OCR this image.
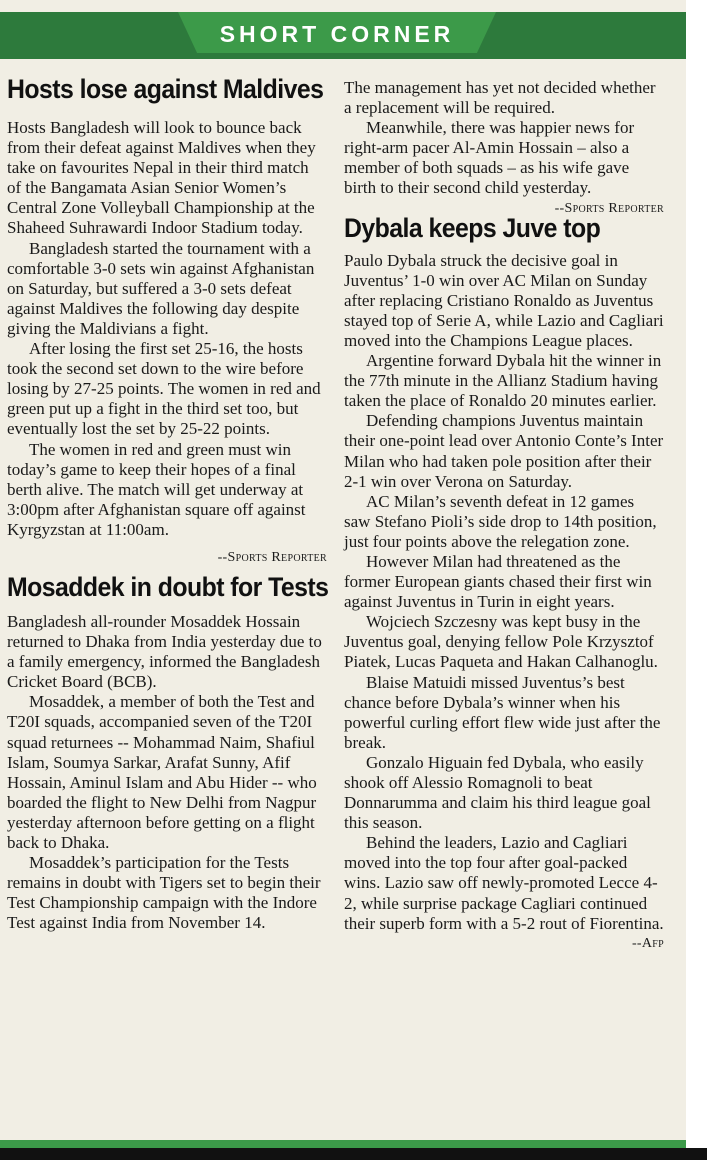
SHORT CORNER
Hosts lose against Maldives

Hosts Bangladesh will look to bounce back from their defeat against Maldives when they take on favourites Nepal in their third match of the Bangamata Asian Senior Women’s Central Zone Volleyball Championship at the Shaheed Suhrawardi Indoor Stadium today.

Bangladesh started the tournament with a comfortable 3-0 sets win against Afghanistan on Saturday, but suffered a 3-0 sets defeat against Maldives the following day despite giving the Maldivians a fight.

After losing the first set 25-16, the hosts took the second set down to the wire before losing by 27-25 points. The women in red and green put up a fight in the third set too, but eventually lost the set by 25-22 points.

The women in red and green must win today’s game to keep their hopes of a final berth alive. The match will get underway at 3:00pm after Afghanistan square off against Kyrgyzstan at 11:00am.

--Sports Reporter

Mosaddek in doubt for Tests

Bangladesh all-rounder Mosaddek Hossain returned to Dhaka from India yesterday due to a family emergency, informed the Bangladesh Cricket Board (BCB).

Mosaddek, a member of both the Test and T20I squads, accompanied seven of the T20I squad returnees -- Mohammad Naim, Shafiul Islam, Soumya Sarkar, Arafat Sunny, Afif Hossain, Aminul Islam and Abu Hider -- who boarded the flight to New Delhi from Nagpur yesterday afternoon before getting on a flight back to Dhaka.

Mosaddek’s participation for the Tests remains in doubt with Tigers set to begin their Test Championship campaign with the Indore Test against India from November 14.

The management has yet not decided whether a replacement will be required.

Meanwhile, there was happier news for right-arm pacer Al-Amin Hossain – also a member of both squads – as his wife gave birth to their second child yesterday.
--Sports Reporter

Dybala keeps Juve top

Paulo Dybala struck the decisive goal in Juventus’ 1-0 win over AC Milan on Sunday after replacing Cristiano Ronaldo as Juventus stayed top of Serie A, while Lazio and Cagliari moved into the Champions League places.

Argentine forward Dybala hit the winner in the 77th minute in the Allianz Stadium having taken the place of Ronaldo 20 minutes earlier.

Defending champions Juventus maintain their one-point lead over Antonio Conte’s Inter Milan who had taken pole position after their 2-1 win over Verona on Saturday.

AC Milan’s seventh defeat in 12 games saw Stefano Pioli’s side drop to 14th position, just four points above the relegation zone.

However Milan had threatened as the former European giants chased their first win against Juventus in Turin in eight years.

Wojciech Szczesny was kept busy in the Juventus goal, denying fellow Pole Krzysztof Piatek, Lucas Paqueta and Hakan Calhanoglu.

Blaise Matuidi missed Juventus’s best chance before Dybala’s winner when his powerful curling effort flew wide just after the break.

Gonzalo Higuain fed Dybala, who easily shook off Alessio Romagnoli to beat Donnarumma and claim his third league goal this season.

Behind the leaders, Lazio and Cagliari moved into the top four after goal-packed wins. Lazio saw off newly-promoted Lecce 4-2, while surprise package Cagliari continued their superb form with a 5-2 rout of Fiorentina.

--Afp
